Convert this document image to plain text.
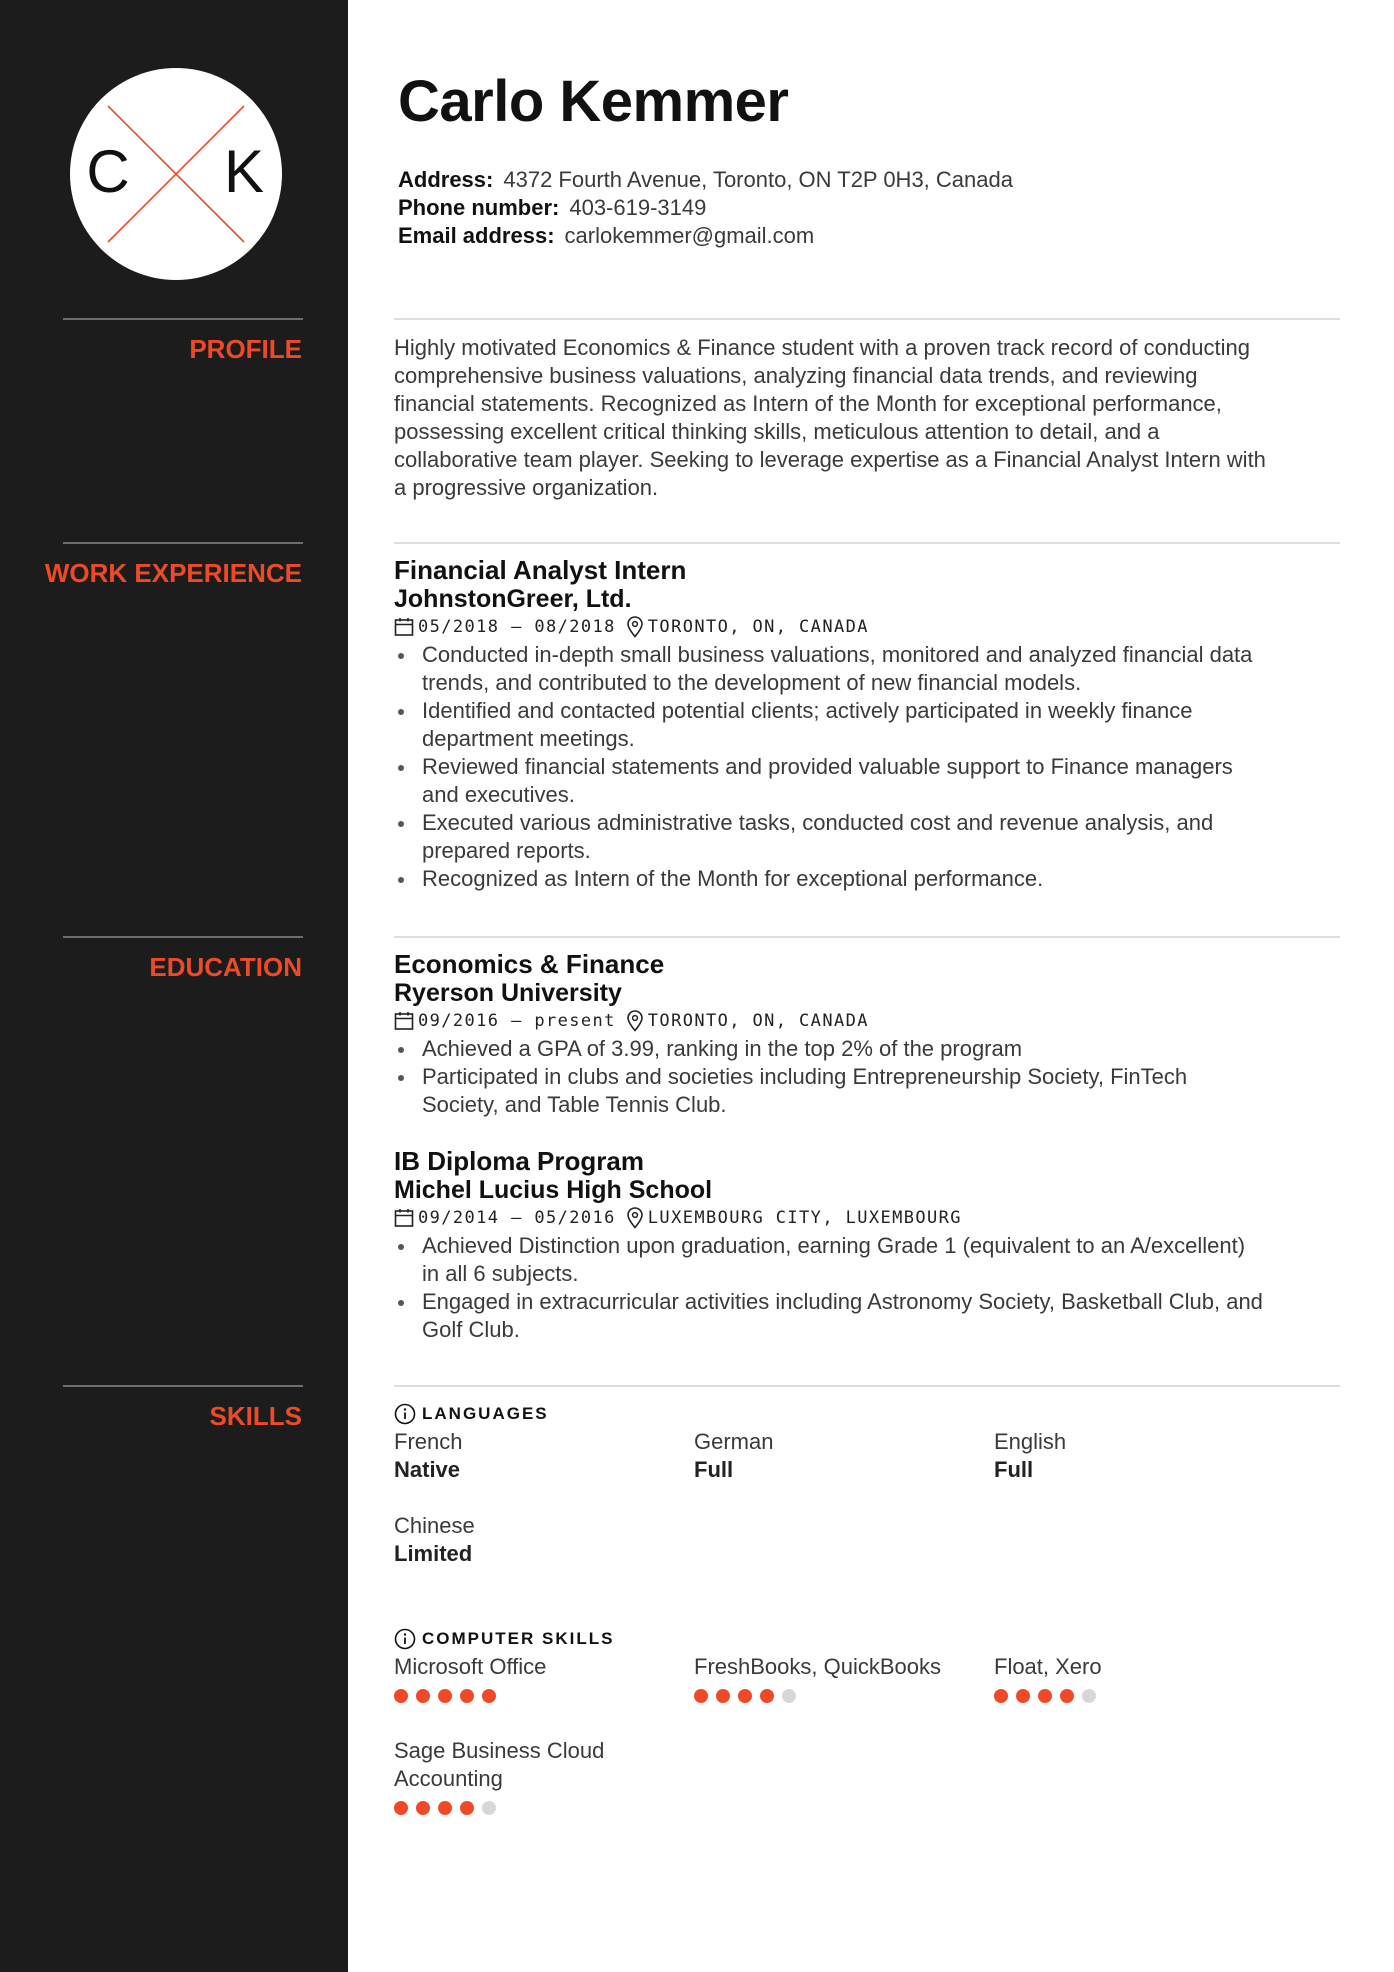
C K
Carlo Kemmer
Address: 4372 Fourth Avenue, Toronto, ON T2P 0H3, Canada
Phone number: 403-619-3149
Email address: carlokemmer@gmail.com
PROFILE	Highly motivated Economics & Finance student with a proven track record of conducting
comprehensive business valuations, analyzing financial data trends, and reviewing
financial statements. Recognized as Intern of the Month for exceptional performance,
possessing excellent critical thinking skills, meticulous attention to detail, and a
collaborative team player. Seeking to leverage expertise as a Financial Analyst Intern with
a progressive organization.

WORK EXPERIENCE	Financial Analyst Intern
JohnstonGreer, Ltd.
05/2018 – 08/2018 TORONTO, ON, CANADA
Conducted in-depth small business valuations, monitored and analyzed financial data
trends, and contributed to the development of new financial models.
Identified and contacted potential clients; actively participated in weekly finance
department meetings.
Reviewed financial statements and provided valuable support to Finance managers
and executives.
Executed various administrative tasks, conducted cost and revenue analysis, and
prepared reports.
Recognized as Intern of the Month for exceptional performance.
EDUCATION	Economics & Finance
Ryerson University
09/2016 – present TORONTO, ON, CANADA
Achieved a GPA of 3.99, ranking in the top 2% of the program
Participated in clubs and societies including Entrepreneurship Society, FinTech
Society, and Table Tennis Club.
IB Diploma Program
Michel Lucius High School
09/2014 – 05/2016 LUXEMBOURG CITY, LUXEMBOURG
Achieved Distinction upon graduation, earning Grade 1 (equivalent to an A/excellent)
in all 6 subjects.
Engaged in extracurricular activities including Astronomy Society, Basketball Club, and
Golf Club.
SKILLS	LANGUAGES
French
Native
German
Full
English
Full
Chinese
Limited
COMPUTER SKILLS
Microsoft Office	FreshBooks, QuickBooks	Float, Xero
Sage Business Cloud
Accounting
